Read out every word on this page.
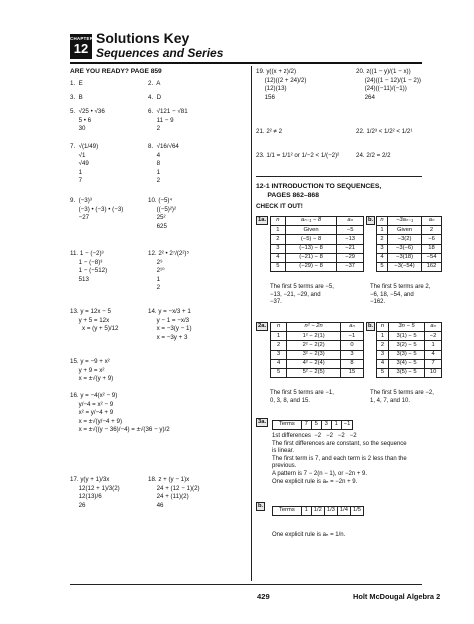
CHAPTER
12
Solutions Key
Sequences and Series
ARE YOU READY? PAGE 859
1.  E
3.  B
5.  √25 • √36
5 • 6
30
7.  √(1/49)
√1
√49
1
7
9.  (−3)³
(−3) • (−3) • (−3)
−27
11. 1 − (−2)³
1 − (−8)³
1 − (−512)
513
13. y = 12x − 5
y + 5 = 12x
x = (y + 5)/12
15. y = −9 + x²
y + 9 = x²
x = ±√(y + 9)
16. y = −4(x² − 9)
y/−4 = x² − 9
x² = y/−4 + 9
x = ±√(y/−4 + 9)
x = ±√((y − 36)/−4) = ±√(36 − y)/2
17. y(y + 1)/3x
12(12 + 1)/3(2)
12(13)/6
26
2.  A
4.  D
6.  √121 − √81
11 − 9
2
8.  √16/√64
4
8
1
2
10. (−5)⁴
((−5)²)²
25²
625
12. 2² • 2⁷/(2²)⁵
2⁹
2¹⁰
1
2
14. y = −x/3 + 1
y − 1 = −x/3
x = −3(y − 1)
x = −3y + 3
18. z + (y − 1)x
24 + (12 − 1)(2)
24 + (11)(2)
46
19. y((x + z)/2)
(12)((2 + 24)/2)
(12)(13)
156
21. 2² ≠ 2
23. 1/1 = 1/1² or 1/−2 < 1/(−2)²
20. z((1 − y)/(1 − x))
(24)((1 − 12)/(1 − 2))
(24)((−11)/(−1))
264
22. 1/2³ < 1/2² < 1/2¹
24. 2/2 = 2/2
12-1 INTRODUCTION TO SEQUENCES,
PAGES 862–868
CHECK IT OUT!
1a.	n	aₙ₋₁ − 8	aₙ
1	Given	−5
2	(−5) − 8	−13
3	(−13) − 8	−21
4	(−21) − 8	−29
5	(−29) − 8	−37
The first 5 terms are −5,
−13, −21, −29, and
−37.
b.	n	−3aₙ₋₁	aₙ
1	Given	2
2	−3(2)	−6
3	−3(−6)	18
4	−3(18)	−54
5	−3(−54)	162
The first 5 terms are 2,
−6, 18, −54, and
−162.
2a.	n	n² − 2n	aₙ
1	1² − 2(1)	−1
2	2² − 2(2)	0
3	3² − 2(3)	3
4	4² − 2(4)	8
5	5² − 2(5)	15
The first 5 terms are −1,
0, 3, 8, and 15.
b.	n	3n − 5	aₙ
1	3(1) − 5	−2
2	3(2) − 5	1
3	3(3) − 5	4
4	3(4) − 5	7
5	3(5) − 5	10
The first 5 terms are −2,
1, 4, 7, and 10.
3a.	Terms	7	5	3	1	−1
1st differences  −2   −2   −2   −2
The first differences are constant, so the sequence
is linear.
The first term is 7, and each term is 2 less than the
previous.
A pattern is 7 − 2(n − 1), or −2n + 9.
One explicit rule is aₙ = −2n + 9.
b.
Terms	1	1/2	1/3	1/4	1/5
One explicit rule is aₙ = 1/n.
429	Holt McDougal Algebra 2
